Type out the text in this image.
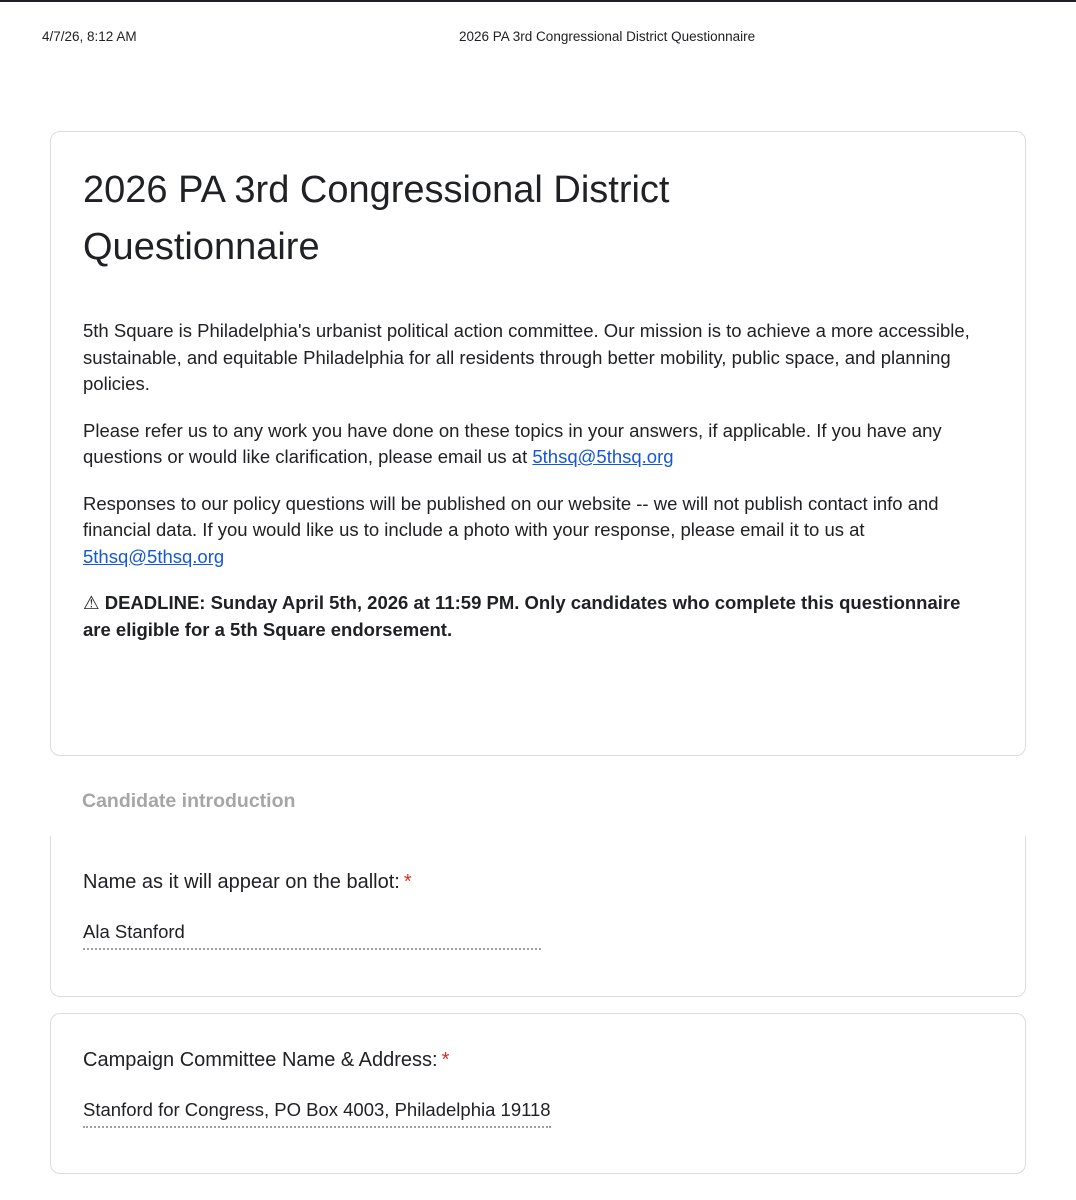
4/7/26, 8:12 AM	2026 PA 3rd Congressional District Questionnaire
2026 PA 3rd Congressional District
Questionnaire

5th Square is Philadelphia's urbanist political action committee. Our mission is to achieve a more accessible, sustainable, and equitable Philadelphia for all residents through better mobility, public space, and planning policies.

Please refer us to any work you have done on these topics in your answers, if applicable. If you have any questions or would like clarification, please email us at 5thsq@5thsq.org

Responses to our policy questions will be published on our website -- we will not publish contact info and financial data. If you would like us to include a photo with your response, please email it to us at 5thsq@5thsq.org

⚠ DEADLINE: Sunday April 5th, 2026 at 11:59 PM. Only candidates who complete this questionnaire are eligible for a 5th Square endorsement.

Candidate introduction
Name as it will appear on the ballot: *
Ala Stanford
Campaign Committee Name & Address: *
Stanford for Congress, PO Box 4003, Philadelphia 19118
